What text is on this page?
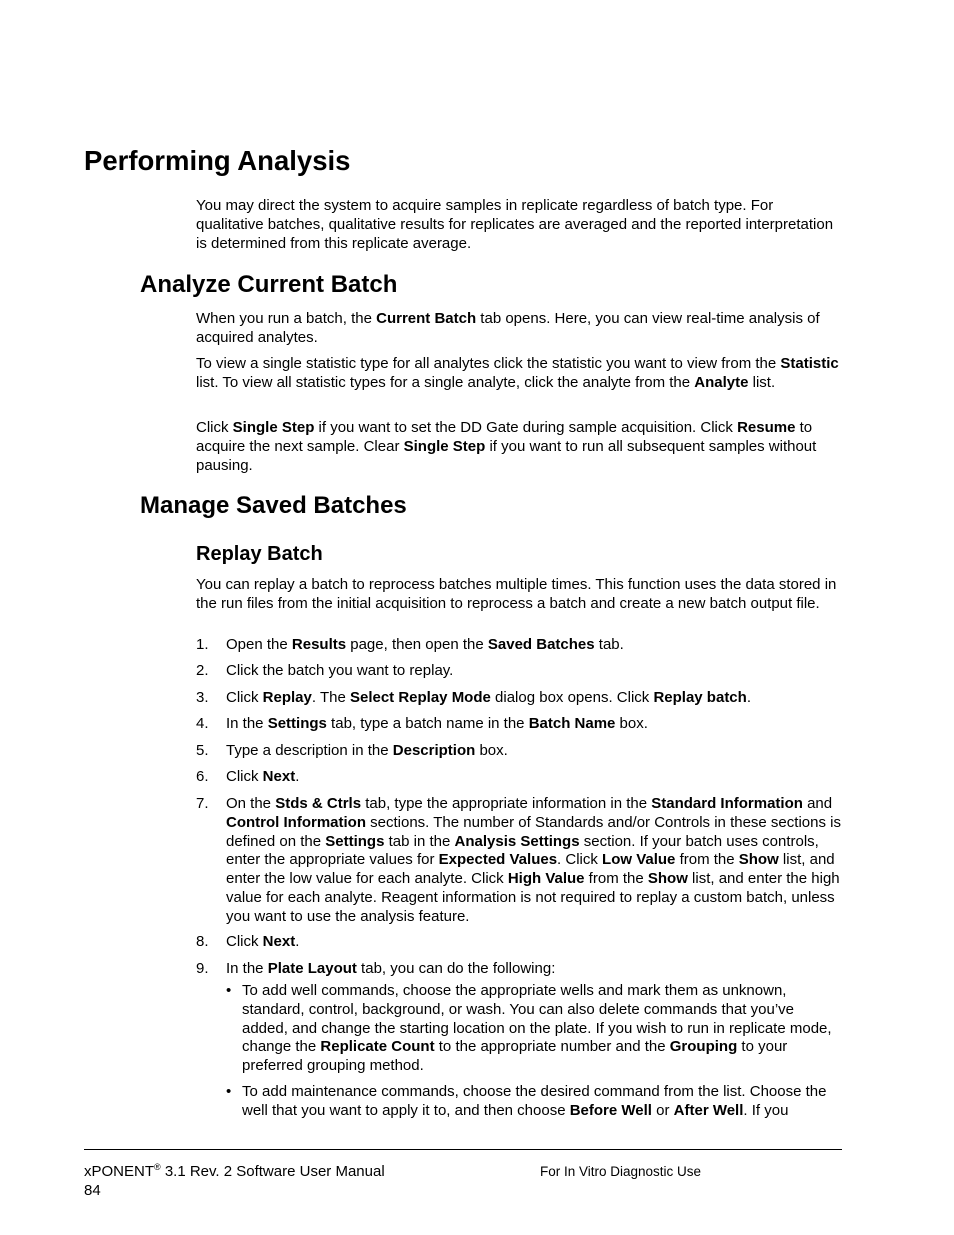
Performing Analysis

You may direct the system to acquire samples in replicate regardless of batch type. For qualitative batches, qualitative results for replicates are averaged and the reported interpretation is determined from this replicate average.

Analyze Current Batch

When you run a batch, the Current Batch tab opens. Here, you can view real-time analysis of acquired analytes.

To view a single statistic type for all analytes click the statistic you want to view from the Statistic list. To view all statistic types for a single analyte, click the analyte from the Analyte list.

Click Single Step if you want to set the DD Gate during sample acquisition. Click Resume to acquire the next sample. Clear Single Step if you want to run all subsequent samples without pausing.

Manage Saved Batches
Replay Batch

You can replay a batch to reprocess batches multiple times. This function uses the data stored in the run files from the initial acquisition to reprocess a batch and create a new batch output file.

1.	Open the Results page, then open the Saved Batches tab.
2.	Click the batch you want to replay.
3.	Click Replay. The Select Replay Mode dialog box opens. Click Replay batch.
4.	In the Settings tab, type a batch name in the Batch Name box.
5.	Type a description in the Description box.
6.	Click Next.
7.	On the Stds & Ctrls tab, type the appropriate information in the Standard Information and Control Information sections. The number of Standards and/or Controls in these sections is defined on the Settings tab in the Analysis Settings section. If your batch uses controls, enter the appropriate values for Expected Values. Click Low Value from the Show list, and enter the low value for each analyte. Click High Value from the Show list, and enter the high value for each analyte. Reagent information is not required to replay a custom batch, unless you want to use the analysis feature.
8.	Click Next.
9.	In the Plate Layout tab, you can do the following:
• To add well commands, choose the appropriate wells and mark them as unknown, standard, control, background, or wash. You can also delete commands that you’ve added, and change the starting location on the plate. If you wish to run in replicate mode, change the Replicate Count to the appropriate number and the Grouping to your preferred grouping method.
• To add maintenance commands, choose the desired command from the list. Choose the well that you want to apply it to, and then choose Before Well or After Well. If you
xPONENT® 3.1 Rev. 2 Software User Manual
84
For In Vitro Diagnostic Use
